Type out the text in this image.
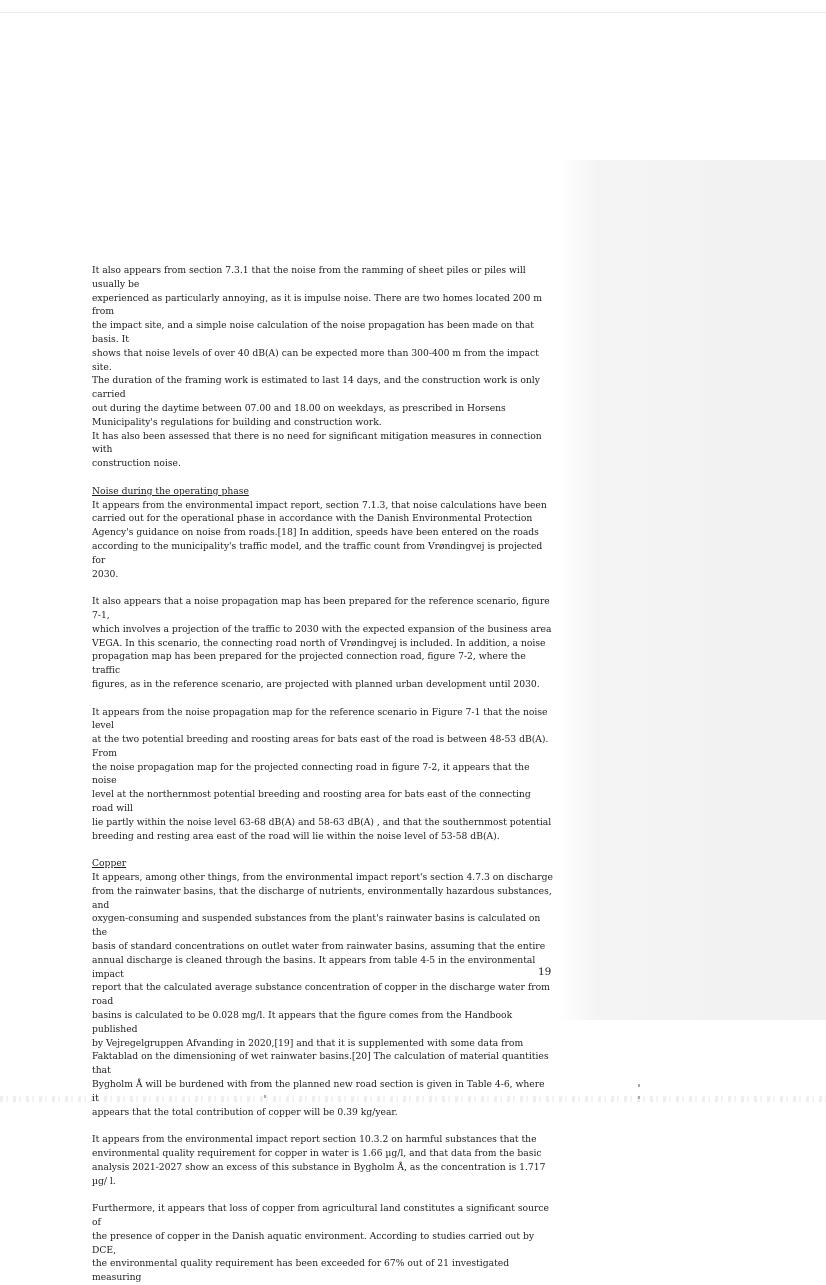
It also appears from section 7.3.1 that the noise from the ramming of sheet piles or piles will usually be
experienced as particularly annoying, as it is impulse noise. There are two homes located 200 m from
the impact site, and a simple noise calculation of the noise propagation has been made on that basis. It
shows that noise levels of over 40 dB(A) can be expected more than 300-400 m from the impact site.
The duration of the framing work is estimated to last 14 days, and the construction work is only carried
out during the daytime between 07.00 and 18.00 on weekdays, as prescribed in Horsens
Municipality's regulations for building and construction work.

It has also been assessed that there is no need for significant mitigation measures in connection with
construction noise.

Noise during the operating phase

It appears from the environmental impact report, section 7.1.3, that noise calculations have been
carried out for the operational phase in accordance with the Danish Environmental Protection
Agency's guidance on noise from roads.[18] In addition, speeds have been entered on the roads
according to the municipality's traffic model, and the traffic count from Vrøndingvej is projected for
2030.

It also appears that a noise propagation map has been prepared for the reference scenario, figure 7-1,
which involves a projection of the traffic to 2030 with the expected expansion of the business area
VEGA. In this scenario, the connecting road north of Vrøndingvej is included. In addition, a noise
propagation map has been prepared for the projected connection road, figure 7-2, where the traffic
figures, as in the reference scenario, are projected with planned urban development until 2030.

It appears from the noise propagation map for the reference scenario in Figure 7-1 that the noise level
at the two potential breeding and roosting areas for bats east of the road is between 48-53 dB(A). From
the noise propagation map for the projected connecting road in figure 7-2, it appears that the noise
level at the northernmost potential breeding and roosting area for bats east of the connecting road will
lie partly within the noise level 63-68 dB(A) and 58-63 dB(A) , and that the southernmost potential
breeding and resting area east of the road will lie within the noise level of 53-58 dB(A).

Copper

It appears, among other things, from the environmental impact report's section 4.7.3 on discharge
from the rainwater basins, that the discharge of nutrients, environmentally hazardous substances, and
oxygen-consuming and suspended substances from the plant's rainwater basins is calculated on the
basis of standard concentrations on outlet water from rainwater basins, assuming that the entire
annual discharge is cleaned through the basins. It appears from table 4-5 in the environmental impact
report that the calculated average substance concentration of copper in the discharge water from road
basins is calculated to be 0.028 mg/l. It appears that the figure comes from the Handbook published
by Vejregelgruppen Afvanding in 2020,[19] and that it is supplemented with some data from
Faktablad on the dimensioning of wet rainwater basins.[20] The calculation of material quantities that
Bygholm Å will be burdened with from the planned new road section is given in Table 4-6, where it
appears that the total contribution of copper will be 0.39 kg/year.

It appears from the environmental impact report section 10.3.2 on harmful substances that the
environmental quality requirement for copper in water is 1.66 µg/l, and that data from the basic
analysis 2021-2027 show an excess of this substance in Bygholm Å, as the concentration is 1.717 µg/ l.

Furthermore, it appears that loss of copper from agricultural land constitutes a significant source of
the presence of copper in the Danish aquatic environment. According to studies carried out by DCE,
the environmental quality requirement has been exceeded for 67% out of 21 investigated measuring

19
